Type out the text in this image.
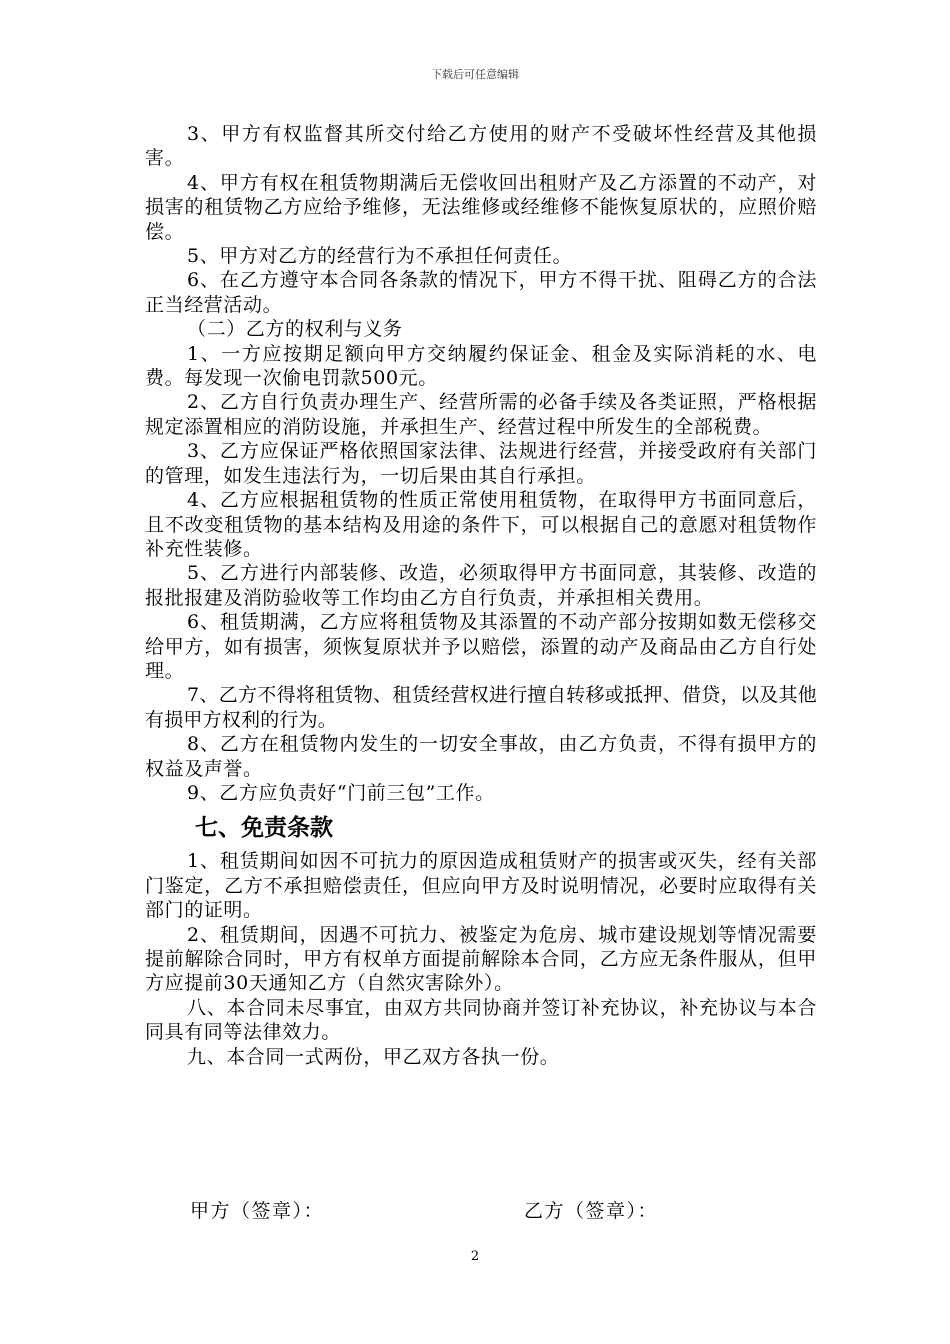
下载后可任意编辑

3、甲方有权监督其所交付给乙方使用的财产不受破坏性经营及其他损害。

4、甲方有权在租赁物期满后无偿收回出租财产及乙方添置的不动产，对损害的租赁物乙方应给予维修，无法维修或经维修不能恢复原状的，应照价赔偿。

5、甲方对乙方的经营行为不承担任何责任。

6、在乙方遵守本合同各条款的情况下，甲方不得干扰、阻碍乙方的合法正当经营活动。

（二）乙方的权利与义务

1、一方应按期足额向甲方交纳履约保证金、租金及实际消耗的水、电费。每发现一次偷电罚款500元。

2、乙方自行负责办理生产、经营所需的必备手续及各类证照，严格根据规定添置相应的消防设施，并承担生产、经营过程中所发生的全部税费。

3、乙方应保证严格依照国家法律、法规进行经营，并接受政府有关部门的管理，如发生违法行为，一切后果由其自行承担。

4、乙方应根据租赁物的性质正常使用租赁物，在取得甲方书面同意后，且不改变租赁物的基本结构及用途的条件下，可以根据自己的意愿对租赁物作补充性装修。

5、乙方进行内部装修、改造，必须取得甲方书面同意，其装修、改造的报批报建及消防验收等工作均由乙方自行负责，并承担相关费用。

6、租赁期满，乙方应将租赁物及其添置的不动产部分按期如数无偿移交给甲方，如有损害，须恢复原状并予以赔偿，添置的动产及商品由乙方自行处理。

7、乙方不得将租赁物、租赁经营权进行擅自转移或抵押、借贷，以及其他有损甲方权利的行为。

8、乙方在租赁物内发生的一切安全事故，由乙方负责，不得有损甲方的权益及声誉。

9、乙方应负责好“门前三包”工作。

七、免责条款

1、租赁期间如因不可抗力的原因造成租赁财产的损害或灭失，经有关部门鉴定，乙方不承担赔偿责任，但应向甲方及时说明情况，必要时应取得有关部门的证明。

2、租赁期间，因遇不可抗力、被鉴定为危房、城市建设规划等情况需要提前解除合同时，甲方有权单方面提前解除本合同，乙方应无条件服从，但甲方应提前30天通知乙方（自然灾害除外）。

八、本合同未尽事宜，由双方共同协商并签订补充协议，补充协议与本合同具有同等法律效力。

九、本合同一式两份，甲乙双方各执一份。

甲方（签章）：	乙方（签章）：
2
